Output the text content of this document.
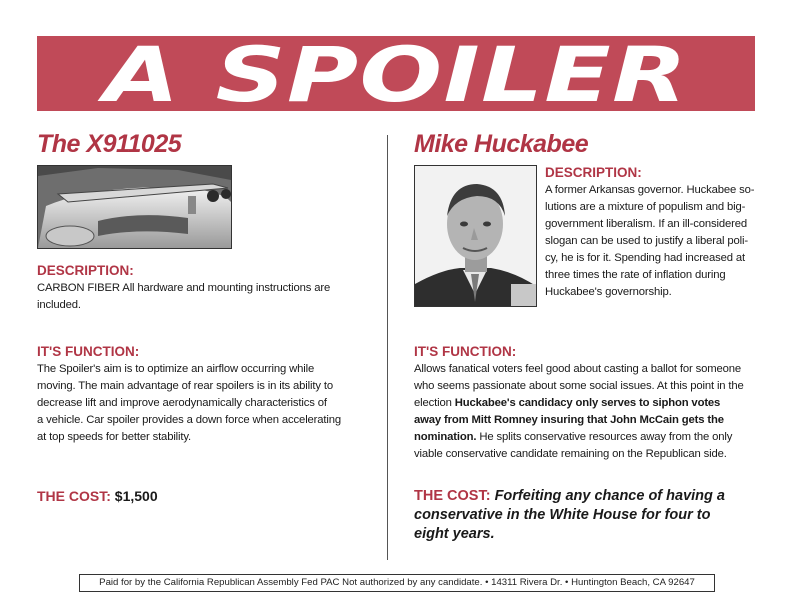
A SPOILER
The X911025
DESCRIPTION:
CARBON FIBER All hardware and mounting instructions are
included.
IT'S FUNCTION:
The Spoiler's aim is to optimize an airflow occurring while
moving. The main advantage of rear spoilers is in its ability to
decrease lift and improve aerodynamically characteristics of
a vehicle. Car spoiler provides a down force when accelerating
at top speeds for better stability.
THE COST: $1,500
Mike Huckabee
DESCRIPTION:
A former Arkansas governor. Huckabee so-
lutions are a mixture of populism and big-
government liberalism. If an ill-considered
slogan can be used to justify a liberal poli-
cy, he is for it. Spending had increased at
three times the rate of inflation during
Huckabee's governorship.
IT'S FUNCTION:
Allows fanatical voters feel good about casting a ballot for someone
who seems passionate about some social issues. At this point in the
election Huckabee's candidacy only serves to siphon votes
away from Mitt Romney insuring that John McCain gets the
nomination. He splits conservative resources away from the only
viable conservative candidate remaining on the Republican side.
THE COST: Forfeiting any chance of having a
conservative in the White House for four to
eight years.
Paid for by the California Republican Assembly Fed PAC Not authorized by any candidate. • 14311 Rivera Dr. • Huntington Beach, CA 92647
